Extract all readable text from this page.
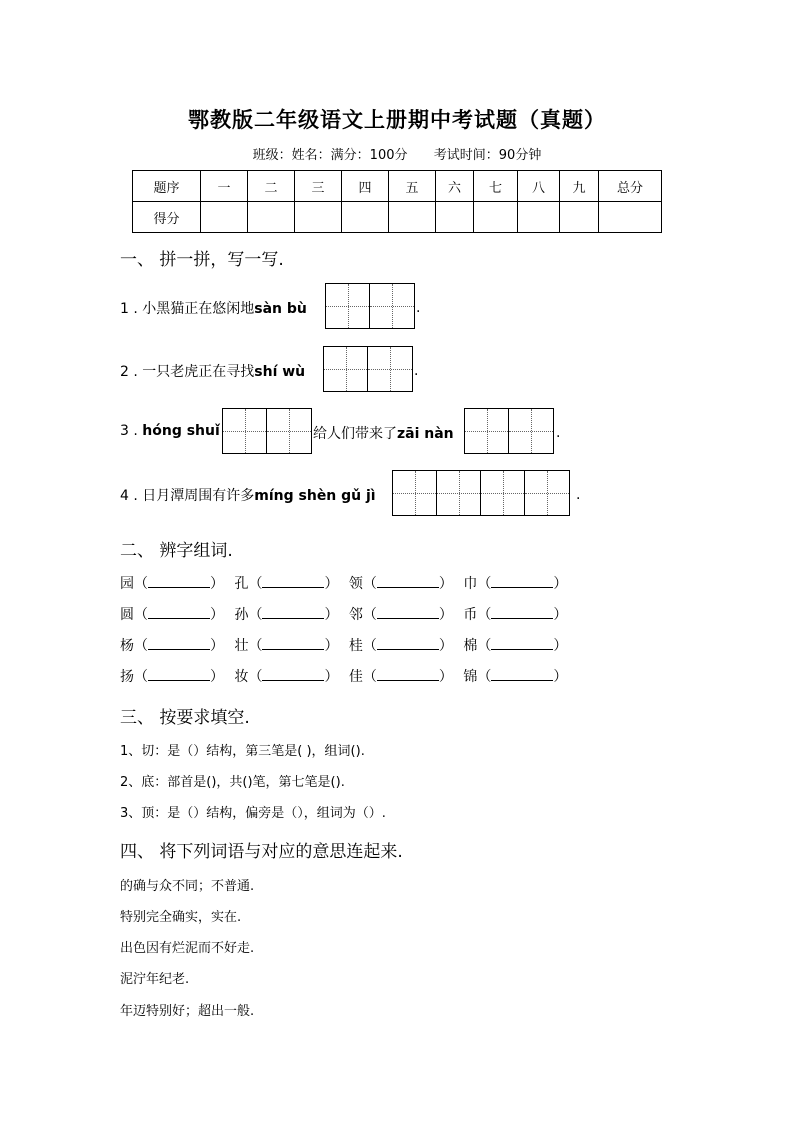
鄂教版二年级语文上册期中考试题（真题）
班级：姓名：满分：100分 考试时间：90分钟
题序	一	二	三	四	五	六	七	八	九	总分
得分										
一、 拼一拼，写一写.
1 . 小黑猫正在悠闲地sàn bù	.
2 . 一只老虎正在寻找shí wù	.
3 . hóng shuǐ	给人们带来了zāi nàn	.
4 . 日月潭周围有许多míng shèn gǔ jì	.
二、 辨字组词.
园（	） 孔（	） 领（	） 巾（	）
圆（	） 孙（	） 邻（	） 币（	）
杨（	） 壮（	） 桂（	） 棉（	）
扬（	） 妆（	） 佳（	） 锦（	）
三、 按要求填空.
1、切：是（）结构，第三笔是( )，组词().
2、底：部首是()，共()笔，第七笔是().
3、顶：是（）结构，偏旁是（），组词为（）.
四、 将下列词语与对应的意思连起来.
的确与众不同；不普通.
特别完全确实，实在.
出色因有烂泥而不好走.
泥泞年纪老.
年迈特别好；超出一般.
